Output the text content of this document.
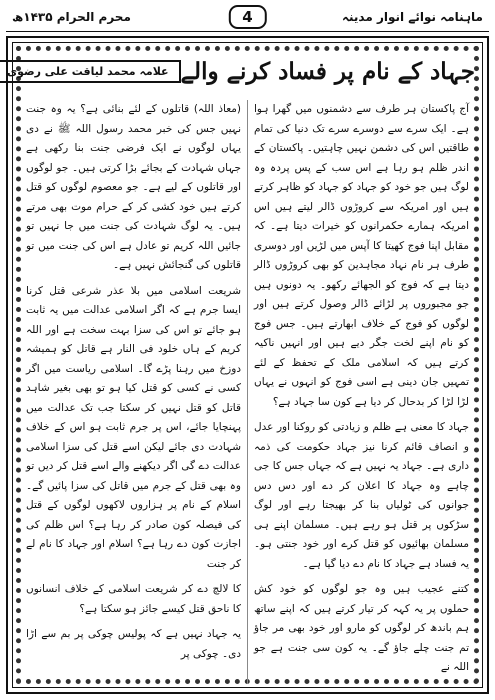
ماہنامہ نوائے انوار مدینہ
4
محرم الحرام ۱۴۳۵ھ
جہاد کے نام پر فساد کرنے والے
علامہ محمد لیاقت علی رضوی

آج پاکستان ہر طرف سے دشمنوں میں گھرا ہوا ہے۔ ایک سرے سے دوسرے سرے تک دنیا کی تمام طاقتیں اس کی دشمن نہیں چاہتیں۔ پاکستان کے اندر ظلم ہو رہا ہے اس سب کے پس پردہ وہ لوگ ہیں جو خود کو جہاد کو جہاد کو ظاہر کرتے ہیں اور امریکہ سے کروڑوں ڈالر لیتے ہیں اس امریکہ ہمارے حکمرانوں کو خیرات دیتا ہے۔ کہ مقابل اپنا فوج کھیتا کا آپس میں لڑیں اور دوسری طرف ہر نام نہاد مجاہدین کو بھی کروڑوں ڈالر دیتا ہے کہ فوج کو الجھائے رکھو۔ یہ دونوں ہیں جو مجبوروں پر لڑائے ڈالر وصول کرتے ہیں اور لوگوں کو فوج کے خلاف ابھارتے ہیں۔ جس فوج کو نام اپنے لخت جگر دیے ہیں اور انہیں ناکیہ کرتے ہیں کہ اسلامی ملک کے تحفظ کے لئے تمہیں جان دینی ہے اسی فوج کو انہوں نے یہاں لڑا لڑا کر بدحال کر دیا ہے کون سا جہاد ہے؟

جہاد کا معنی ہے ظلم و زیادتی کو روکنا اور عدل و انصاف قائم کرنا نیز جہاد حکومت کی ذمہ داری ہے۔ جہاد یہ نہیں ہے کہ جہاں جس کا جی چاہے وہ جہاد کا اعلان کر دے اور دس دس جوانوں کی ٹولیاں بنا کر بھیجتا رہے اور لوگ سڑکوں پر قتل ہو رہے ہیں۔ مسلمان اپنے ہی مسلمان بھائیوں کو قتل کرے اور خود جنتی ہو۔ یہ فساد ہے جہاد کا نام دے دیا گیا ہے۔

کتنے عجیب ہیں وہ جو لوگوں کو خود کش حملوں پر یہ کہہ کر تیار کرتے ہیں کہ اپنے ساتھ ہم باندھ کر لوگوں کو مارو اور خود بھی مر جاؤ تم جنت چلے جاؤ گے۔ یہ کون سی جنت ہے جو اللہ نے

(معاذ اللہ) قاتلوں کے لئے بنائی ہے؟ یہ وہ جنت نہیں جس کی خبر محمد رسول اللہ ﷺ نے دی یہاں لوگوں نے ایک فرضی جنت بنا رکھی ہے جہاں شہادت کے بجائے بڑا کرتی ہیں۔ جو لوگوں اور قاتلوں کے لیے ہے۔ جو معصوم لوگوں کو قتل کرتے ہیں خود کشی کر کے حرام موت بھی مرتے ہیں۔ یہ لوگ شہادت کی جنت میں جا نہیں تو جائیں اللہ کریم تو عادل ہے اس کی جنت میں تو قاتلوں کی گنجائش نہیں ہے۔

شریعت اسلامی میں بلا عذر شرعی قتل کرنا ایسا جرم ہے کہ اگر اسلامی عدالت میں یہ ثابت ہو جائے تو اس کی سزا بہت سخت ہے اور اللہ کریم کے ہاں خلود فی النار ہے قاتل کو ہمیشہ دوزخ میں رہنا پڑے گا۔ اسلامی ریاست میں اگر کسی نے کسی کو قتل کیا ہو تو بھی بغیر شاہد قاتل کو قتل نہیں کر سکتا جب تک عدالت میں پہنچایا جائے، اس پر جرم ثابت ہو اس کے خلاف شہادت دی جائے لیکن اسے قتل کی سزا اسلامی عدالت دے گی اگر دیکھنے والے اسے قتل کر دیں تو وہ بھی قتل کے جرم میں قاتل کی سزا پائیں گے۔ اسلام کے نام پر ہزاروں لاکھوں لوگوں کے قتل کی فیصلہ کون صادر کر رہا ہے؟ اس ظلم کی اجازت کون دے رہا ہے؟ اسلام اور جہاد کا نام لے کر جنت

کا لالچ دے کر شریعت اسلامی کے خلاف انسانوں کا ناحق قتل کیسے جائز ہو سکتا ہے؟

یہ جہاد نہیں ہے کہ پولیس چوکی پر بم سے اڑا دی۔ چوکی پر
